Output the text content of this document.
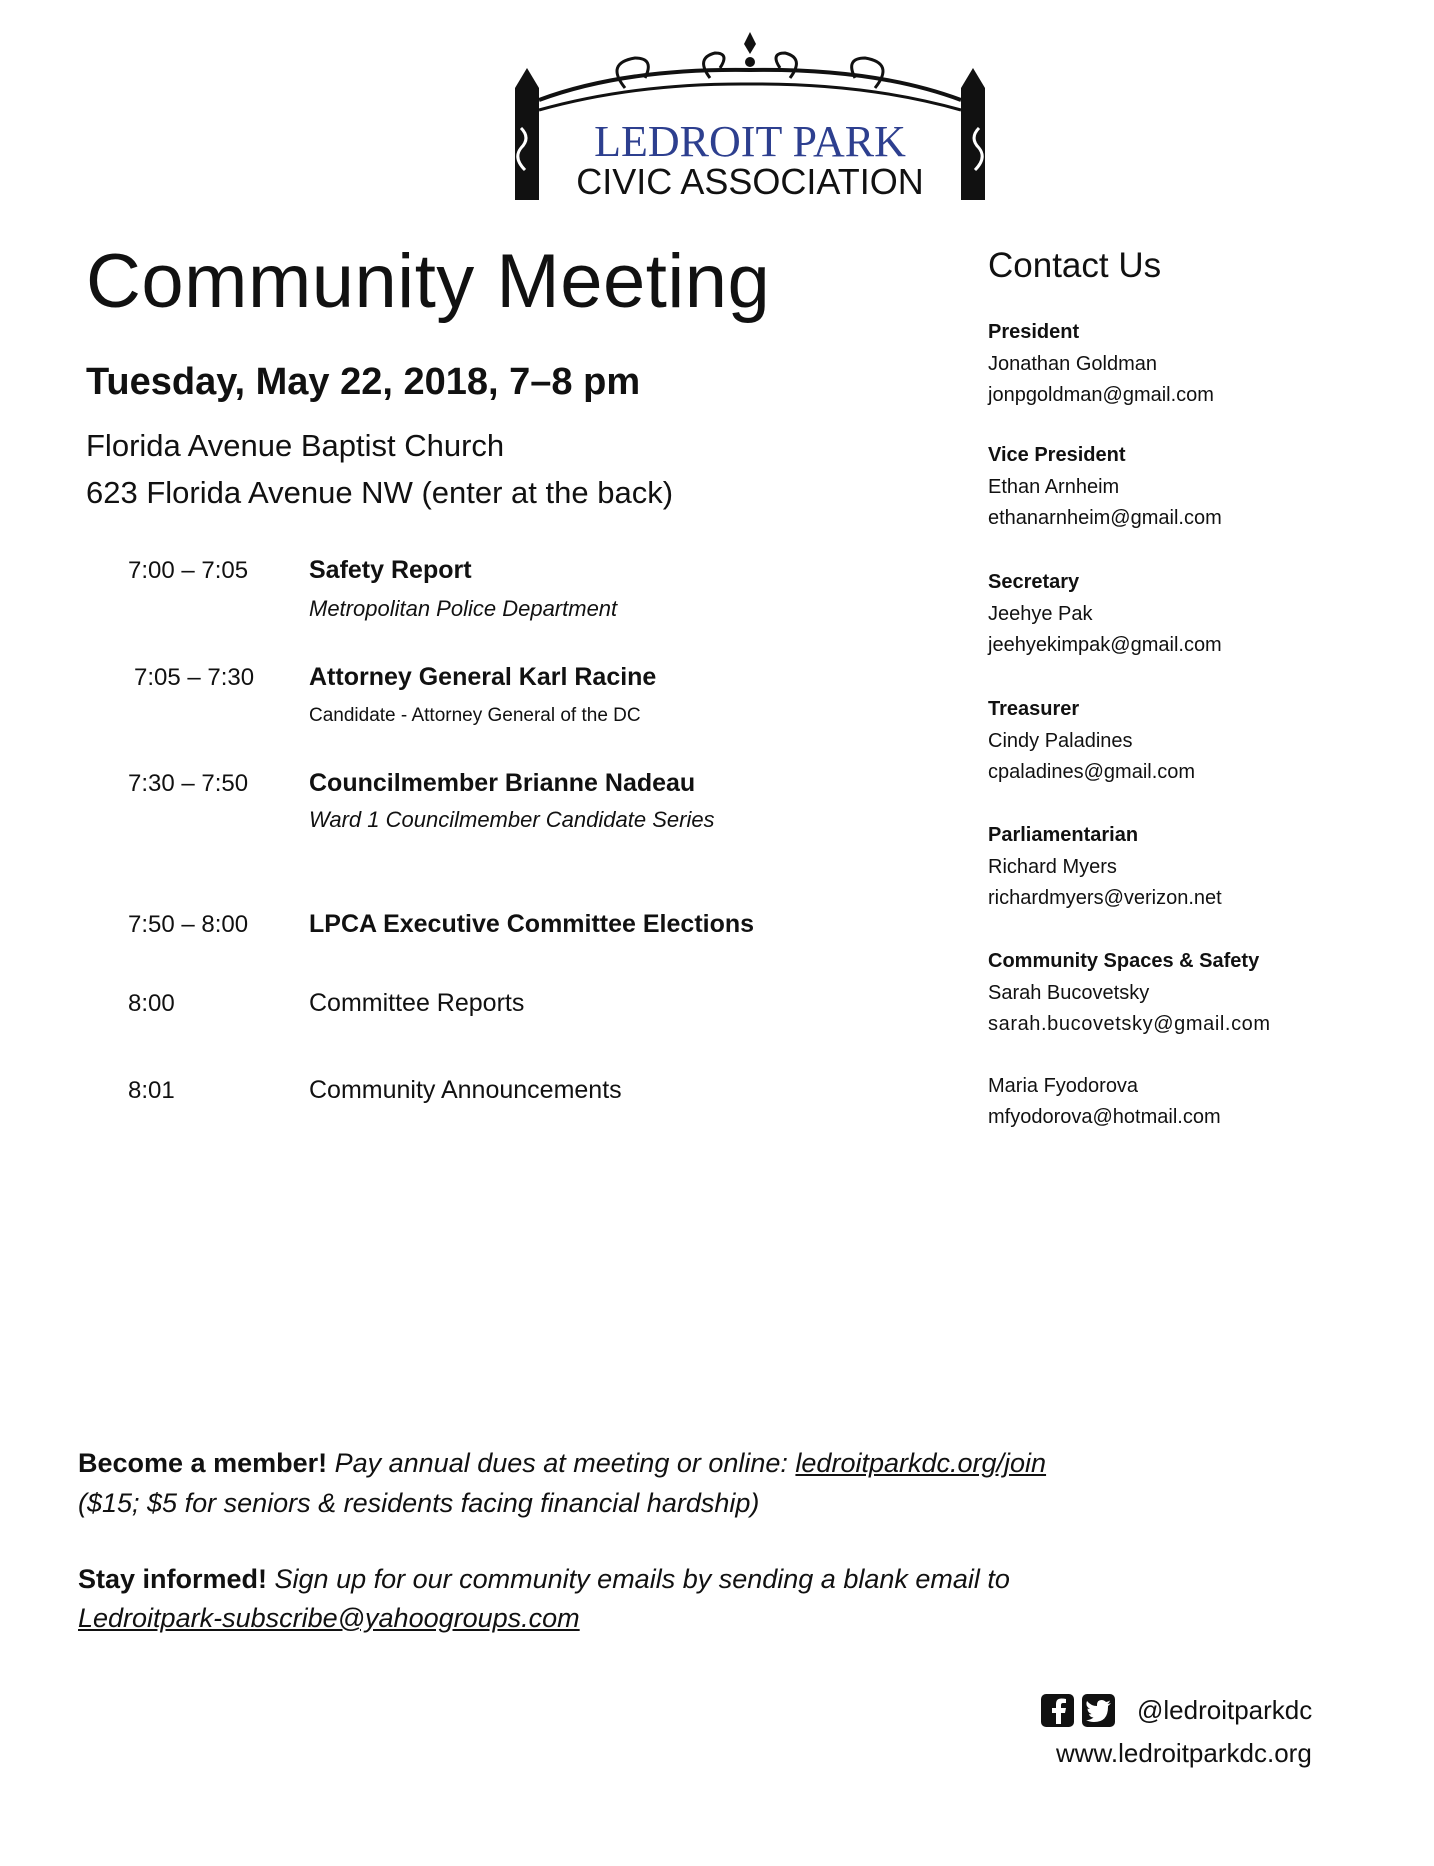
LEDROIT PARK
CIVIC ASSOCIATION
Community Meeting
Tuesday, May 22, 2018, 7–8 pm
Florida Avenue Baptist Church
623 Florida Avenue NW (enter at the back)
7:00 – 7:05 Safety Report
Metropolitan Police Department
7:05 – 7:30 Attorney General Karl Racine
Candidate - Attorney General of the DC
7:30 – 7:50 Councilmember Brianne Nadeau
Ward 1 Councilmember Candidate Series
7:50 – 8:00 LPCA Executive Committee Elections
8:00	Committee Reports
8:01	Community Announcements
Contact Us
President
Jonathan Goldman
jonpgoldman@gmail.com
Vice President
Ethan Arnheim
ethanarnheim@gmail.com
Secretary
Jeehye Pak
jeehyekimpak@gmail.com
Treasurer
Cindy Paladines
cpaladines@gmail.com
Parliamentarian
Richard Myers
richardmyers@verizon.net
Community Spaces & Safety
Sarah Bucovetsky
sarah.bucovetsky@gmail.com
Maria Fyodorova
mfyodorova@hotmail.com
Become a member! Pay annual dues at meeting or online: ledroitparkdc.org/join
($15; $5 for seniors & residents facing financial hardship)
Stay informed! Sign up for our community emails by sending a blank email to
Ledroitpark-subscribe@yahoogroups.com
@ledroitparkdc
www.ledroitparkdc.org
